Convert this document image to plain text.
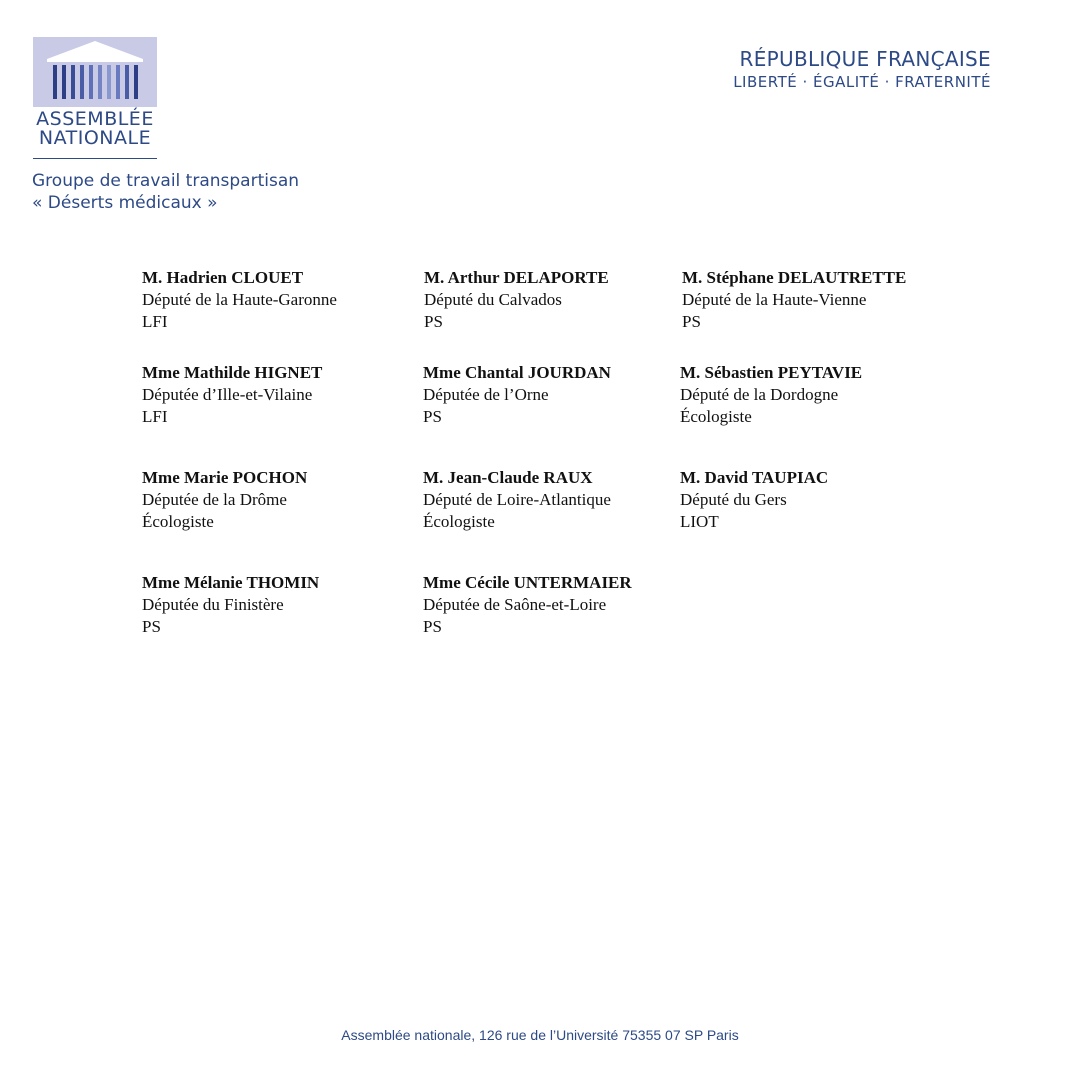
ASSEMBLÉE
NATIONALE
Groupe de travail transpartisan
« Déserts médicaux »
RÉPUBLIQUE FRANÇAISE
LIBERTÉ · ÉGALITÉ · FRATERNITÉ
M. Hadrien CLOUET
Député de la Haute-Garonne
LFI
M. Arthur DELAPORTE
Député du Calvados
PS
M. Stéphane DELAUTRETTE
Député de la Haute-Vienne
PS
Mme Mathilde HIGNET
Députée d’Ille-et-Vilaine
LFI
Mme Chantal JOURDAN
Députée de l’Orne
PS
M. Sébastien PEYTAVIE
Député de la Dordogne
Écologiste
Mme Marie POCHON
Députée de la Drôme
Écologiste
M. Jean-Claude RAUX
Député de Loire-Atlantique
Écologiste
M. David TAUPIAC
Député du Gers
LIOT
Mme Mélanie THOMIN
Députée du Finistère
PS
Mme Cécile UNTERMAIER
Députée de Saône-et-Loire
PS
Assemblée nationale, 126 rue de l’Université 75355 07 SP Paris
